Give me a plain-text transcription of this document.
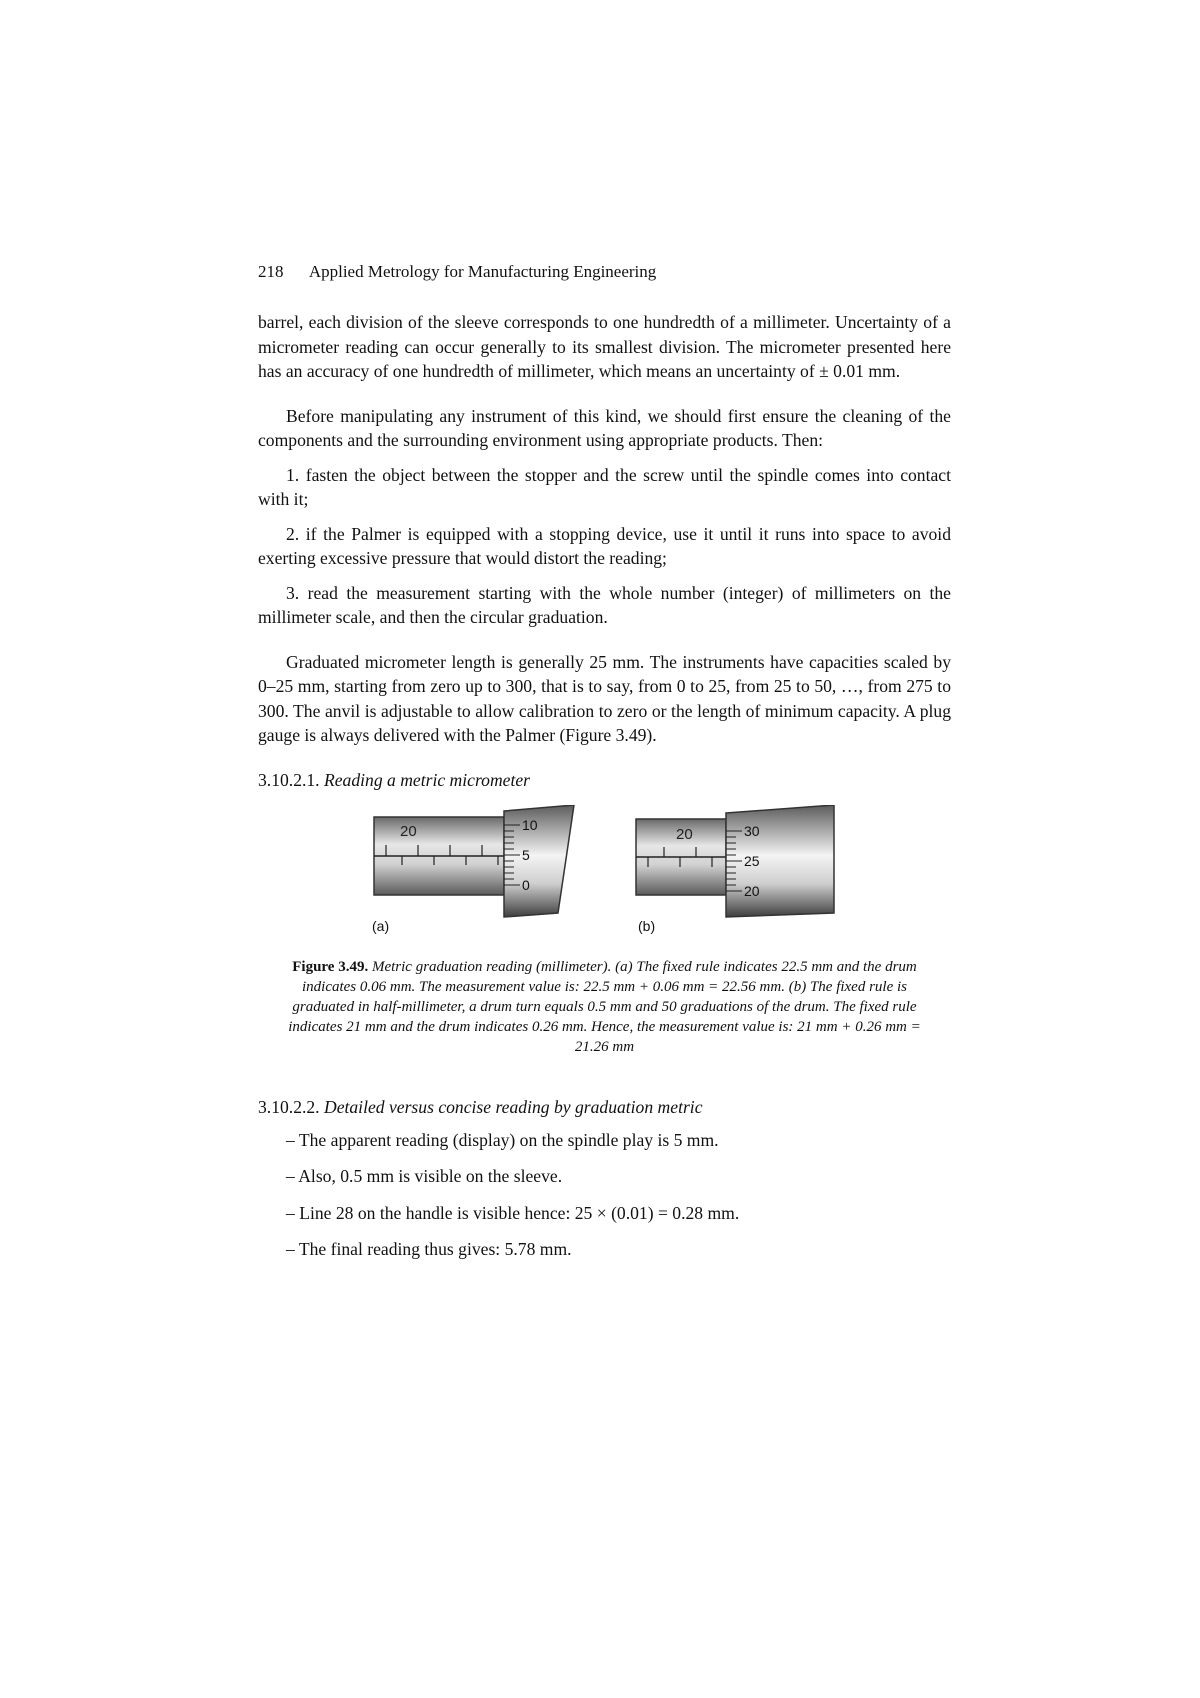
218 Applied Metrology for Manufacturing Engineering

barrel, each division of the sleeve corresponds to one hundredth of a millimeter. Uncertainty of a micrometer reading can occur generally to its smallest division. The micrometer presented here has an accuracy of one hundredth of millimeter, which means an uncertainty of ± 0.01 mm.

Before manipulating any instrument of this kind, we should first ensure the cleaning of the components and the surrounding environment using appropriate products. Then:

1. fasten the object between the stopper and the screw until the spindle comes into contact with it;

2. if the Palmer is equipped with a stopping device, use it until it runs into space to avoid exerting excessive pressure that would distort the reading;

3. read the measurement starting with the whole number (integer) of millimeters on the millimeter scale, and then the circular graduation.

Graduated micrometer length is generally 25 mm. The instruments have capacities scaled by 0–25 mm, starting from zero up to 300, that is to say, from 0 to 25, from 25 to 50, …, from 275 to 300. The anvil is adjustable to allow calibration to zero or the length of minimum capacity. A plug gauge is always delivered with the Palmer (Figure 3.49).

3.10.2.1. Reading a metric micrometer
20	10
5
0
(a)
20	30
25
20
(b)
Figure 3.49. Metric graduation reading (millimeter). (a) The fixed rule indicates 22.5 mm and the drum indicates 0.06 mm. The measurement value is: 22.5 mm + 0.06 mm = 22.56 mm. (b) The fixed rule is graduated in half-millimeter, a drum turn equals 0.5 mm and 50 graduations of the drum. The fixed rule indicates 21 mm and the drum indicates 0.26 mm. Hence, the measurement value is: 21 mm + 0.26 mm = 21.26 mm
3.10.2.2. Detailed versus concise reading by graduation metric
– The apparent reading (display) on the spindle play is 5 mm.
– Also, 0.5 mm is visible on the sleeve.
– Line 28 on the handle is visible hence: 25 × (0.01) = 0.28 mm.
– The final reading thus gives: 5.78 mm.
